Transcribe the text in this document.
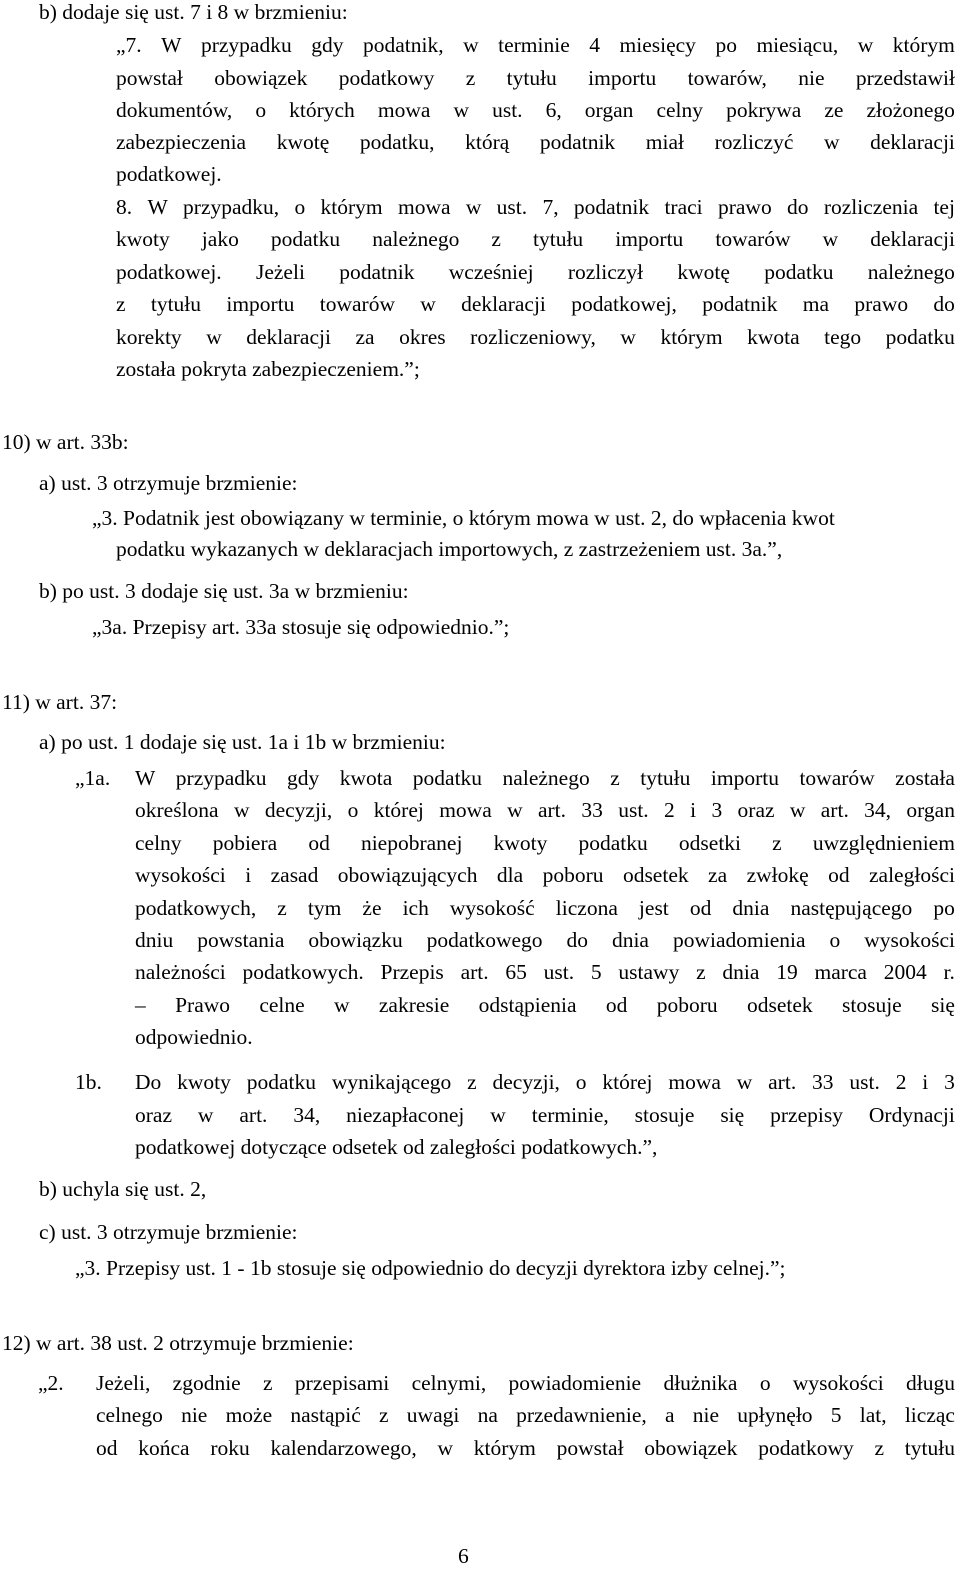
b) dodaje się ust. 7 i 8 w brzmieniu:
„7. W przypadku gdy podatnik, w terminie 4 miesięcy po miesiącu, w którym
powstał obowiązek podatkowy z tytułu importu towarów, nie przedstawił
dokumentów, o których mowa w ust. 6, organ celny pokrywa ze złożonego
zabezpieczenia kwotę podatku, którą podatnik miał rozliczyć w deklaracji
podatkowej.
8. W przypadku, o którym mowa w ust. 7, podatnik traci prawo do rozliczenia tej
kwoty jako podatku należnego z tytułu importu towarów w deklaracji
podatkowej. Jeżeli podatnik wcześniej rozliczył kwotę podatku należnego
z tytułu importu towarów w deklaracji podatkowej, podatnik ma prawo do
korekty w deklaracji za okres rozliczeniowy, w którym kwota tego podatku
została pokryta zabezpieczeniem.”;
10) w art. 33b:
a) ust. 3 otrzymuje brzmienie:
„3. Podatnik jest obowiązany w terminie, o którym mowa w ust. 2, do wpłacenia kwot
podatku wykazanych w deklaracjach importowych, z zastrzeżeniem ust. 3a.”,
b) po ust. 3 dodaje się ust. 3a w brzmieniu:
„3a. Przepisy art. 33a stosuje się odpowiednio.”;
11) w art. 37:
a) po ust. 1 dodaje się ust. 1a i 1b w brzmieniu:
„1a. W przypadku gdy kwota podatku należnego z tytułu importu towarów została
określona w decyzji, o której mowa w art. 33 ust. 2 i 3 oraz w art. 34, organ
celny pobiera od niepobranej kwoty podatku odsetki z uwzględnieniem
wysokości i zasad obowiązujących dla poboru odsetek za zwłokę od zaległości
podatkowych, z tym że ich wysokość liczona jest od dnia następującego po
dniu powstania obowiązku podatkowego do dnia powiadomienia o wysokości
należności podatkowych. Przepis art. 65 ust. 5 ustawy z dnia 19 marca 2004 r.
– Prawo celne w zakresie odstąpienia od poboru odsetek stosuje się
odpowiednio.
1b. Do kwoty podatku wynikającego z decyzji, o której mowa w art. 33 ust. 2 i 3
oraz w art. 34, niezapłaconej w terminie, stosuje się przepisy Ordynacji
podatkowej dotyczące odsetek od zaległości podatkowych.”,
b) uchyla się ust. 2,
c) ust. 3 otrzymuje brzmienie:
„3. Przepisy ust. 1 - 1b stosuje się odpowiednio do decyzji dyrektora izby celnej.”;
12) w art. 38 ust. 2 otrzymuje brzmienie:
„2. Jeżeli, zgodnie z przepisami celnymi, powiadomienie dłużnika o wysokości długu
celnego nie może nastąpić z uwagi na przedawnienie, a nie upłynęło 5 lat, licząc
od końca roku kalendarzowego, w którym powstał obowiązek podatkowy z tytułu
6
